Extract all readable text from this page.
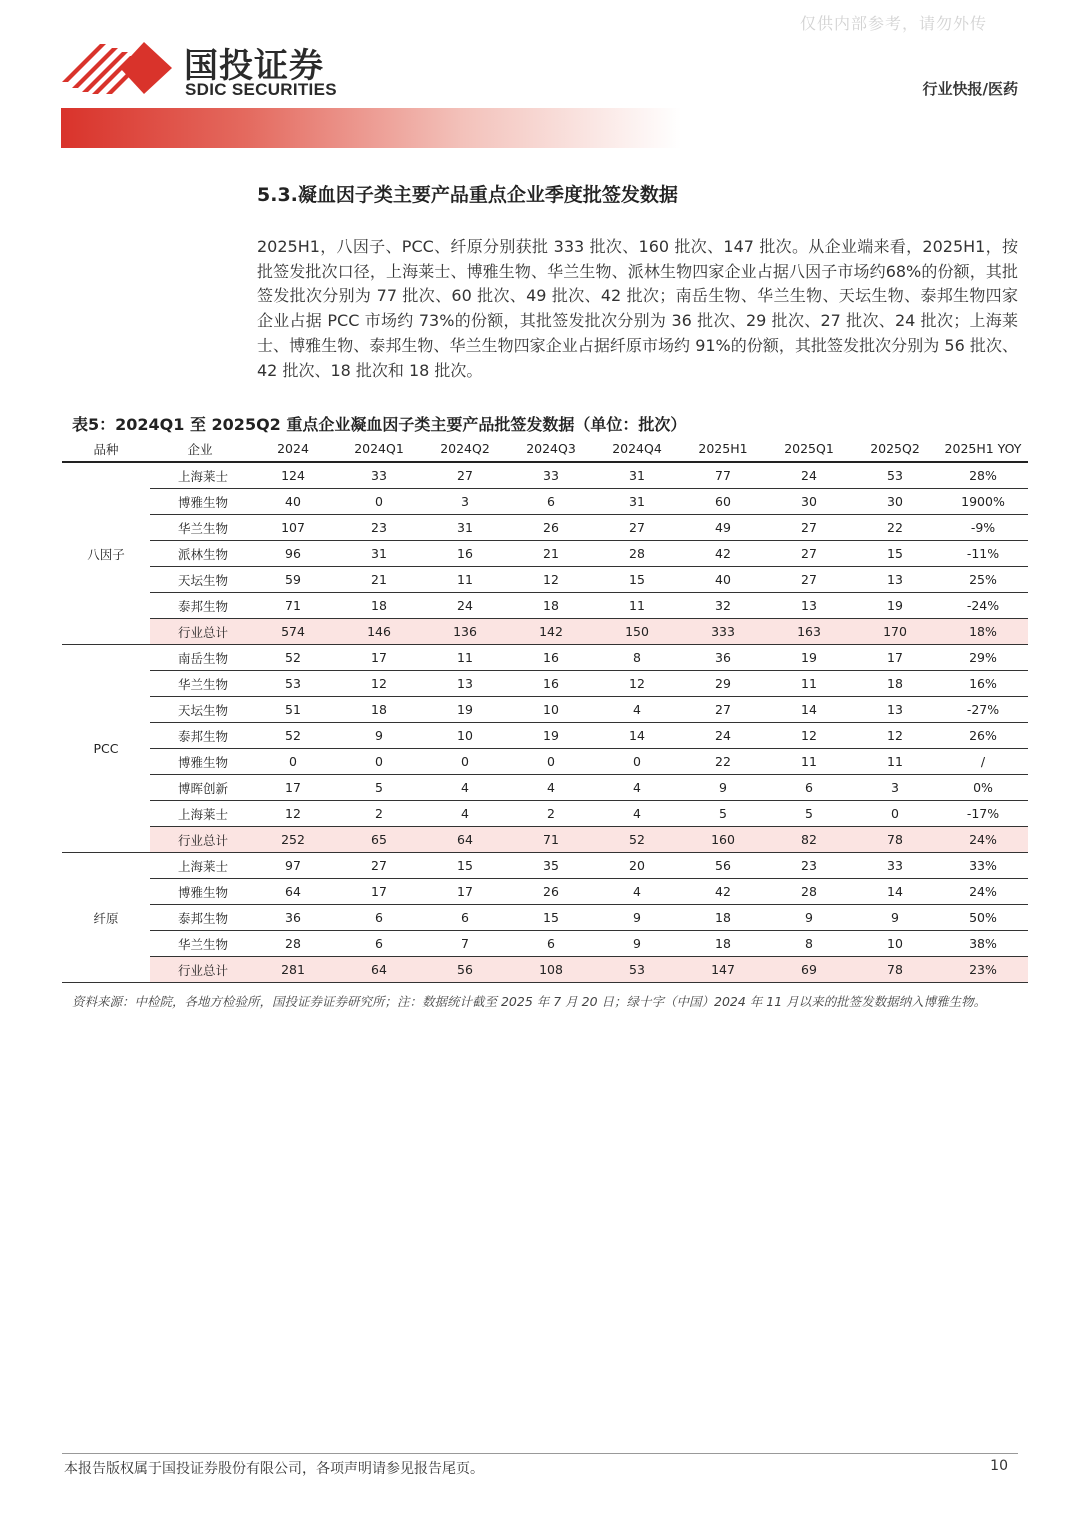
仅供内部参考，请勿外传
国投证券
SDIC SECURITIES	行业快报/医药
5.3.凝血因子类主要产品重点企业季度批签发数据
2025H1，八因子、PCC、纤原分别获批 333 批次、160 批次、147 批次。从企业端来看，2025H1，按批签发批次口径，上海莱士、博雅生物、华兰生物、派林生物四家企业占据八因子市场约68%的份额，其批签发批次分别为 77 批次、60 批次、49 批次、42 批次；南岳生物、华兰生物、天坛生物、泰邦生物四家企业占据 PCC 市场约 73%的份额，其批签发批次分别为 36 批次、29 批次、27 批次、24 批次；上海莱士、博雅生物、泰邦生物、华兰生物四家企业占据纤原市场约 91%的份额，其批签发批次分别为 56 批次、42 批次、18 批次和 18 批次。
表5：2024Q1 至 2025Q2 重点企业凝血因子类主要产品批签发数据（单位：批次）
品种	企业	2024	2024Q1	2024Q2	2024Q3	2024Q4	2025H1	2025Q1	2025Q2	2025H1 YOY
八因子	上海莱士	124	33	27	33	31	77	24	53	28%
	博雅生物	40	0	3	6	31	60	30	30	1900%
	华兰生物	107	23	31	26	27	49	27	22	-9%
	派林生物	96	31	16	21	28	42	27	15	-11%
	天坛生物	59	21	11	12	15	40	27	13	25%
	泰邦生物	71	18	24	18	11	32	13	19	-24%
	行业总计	574	146	136	142	150	333	163	170	18%
PCC	南岳生物	52	17	11	16	8	36	19	17	29%
	华兰生物	53	12	13	16	12	29	11	18	16%
	天坛生物	51	18	19	10	4	27	14	13	-27%
	泰邦生物	52	9	10	19	14	24	12	12	26%
	博雅生物	0	0	0	0	0	22	11	11	/
	博晖创新	17	5	4	4	4	9	6	3	0%
	上海莱士	12	2	4	2	4	5	5	0	-17%
	行业总计	252	65	64	71	52	160	82	78	24%
纤原	上海莱士	97	27	15	35	20	56	23	33	33%
	博雅生物	64	17	17	26	4	42	28	14	24%
	泰邦生物	36	6	6	15	9	18	9	9	50%
	华兰生物	28	6	7	6	9	18	8	10	38%
	行业总计	281	64	56	108	53	147	69	78	23%
资料来源：中检院，各地方检验所，国投证券证券研究所；注：数据统计截至 2025 年 7 月 20 日；绿十字（中国）2024 年 11 月以来的批签发数据纳入博雅生物。
本报告版权属于国投证券股份有限公司，各项声明请参见报告尾页。	10
